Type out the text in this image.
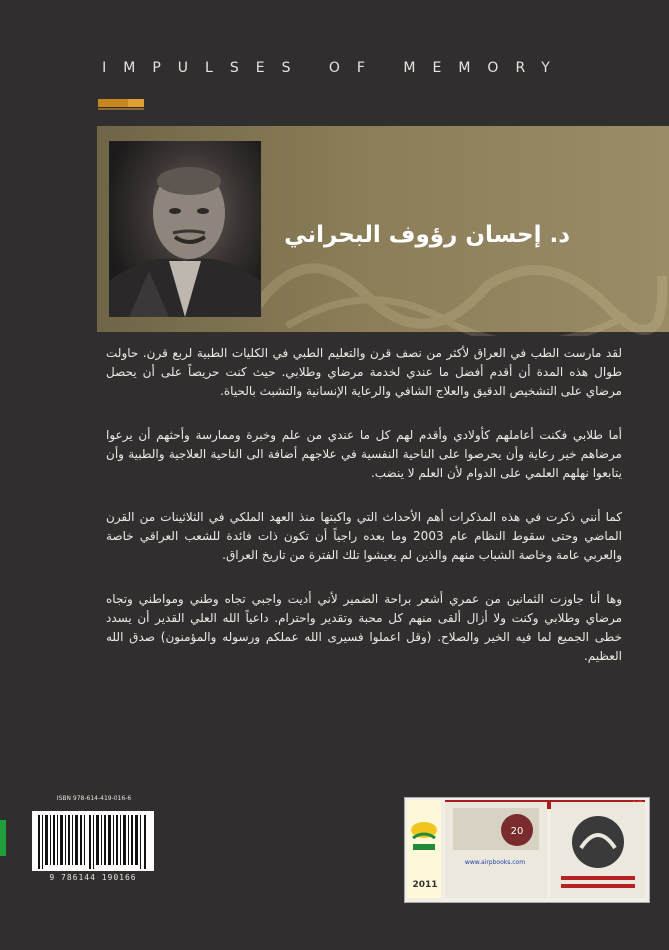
IMPULSES OF MEMORY
د. إحسان رؤوف البحراني

لقد مارست الطب في العراق لأكثر من نصف قرن والتعليم الطبي في الكليات الطبية لربع قرن. حاولت طوال هذه المدة أن أقدم أفضل ما عندي لخدمة مرضاي وطلابي. حيث كنت حريصاً على أن يحصل مرضاي على التشخيص الدقيق والعلاج الشافي والرعاية الإنسانية والتشبث بالحياة.

أما طلابي فكنت أعاملهم كأولادي وأقدم لهم كل ما عندي من علم وخبرة وممارسة وأحثهم أن يرعوا مرضاهم خير رعاية وأن يحرصوا على الناحية النفسية في علاجهم أضافة الى الناحية العلاجية والطبية وأن يتابعوا نهلهم العلمي على الدوام لأن العلم لا ينضب.

كما أنني ذكرت في هذه المذكرات أهم الأحداث التي واكبتها منذ العهد الملكي في الثلاثينات من القرن الماضي وحتى سقوط النظام عام 2003 وما بعده راجياً أن تكون ذات فائدة للشعب العراقي خاصة والعربي عامة وخاصة الشباب منهم والذين لم يعيشوا تلك الفترة من تاريخ العراق.

وها أنا جاوزت الثمانين من عمري أشعر براحة الضمير لأني أديت واجبي تجاه وطني ومواطني وتجاه مرضاي وطلابي وكنت ولا أزال ألقى منهم كل محبة وتقدير واحترام. داعياً الله العلي القدير أن يسدد خطى الجميع لما فيه الخير والصلاح. (وقل اعملوا فسيرى الله عملكم ورسوله والمؤمنون) صدق الله العظيم.

ISBN 978-614-419-016-6
9 786144 190166
2011
20
www.airpbooks.com
